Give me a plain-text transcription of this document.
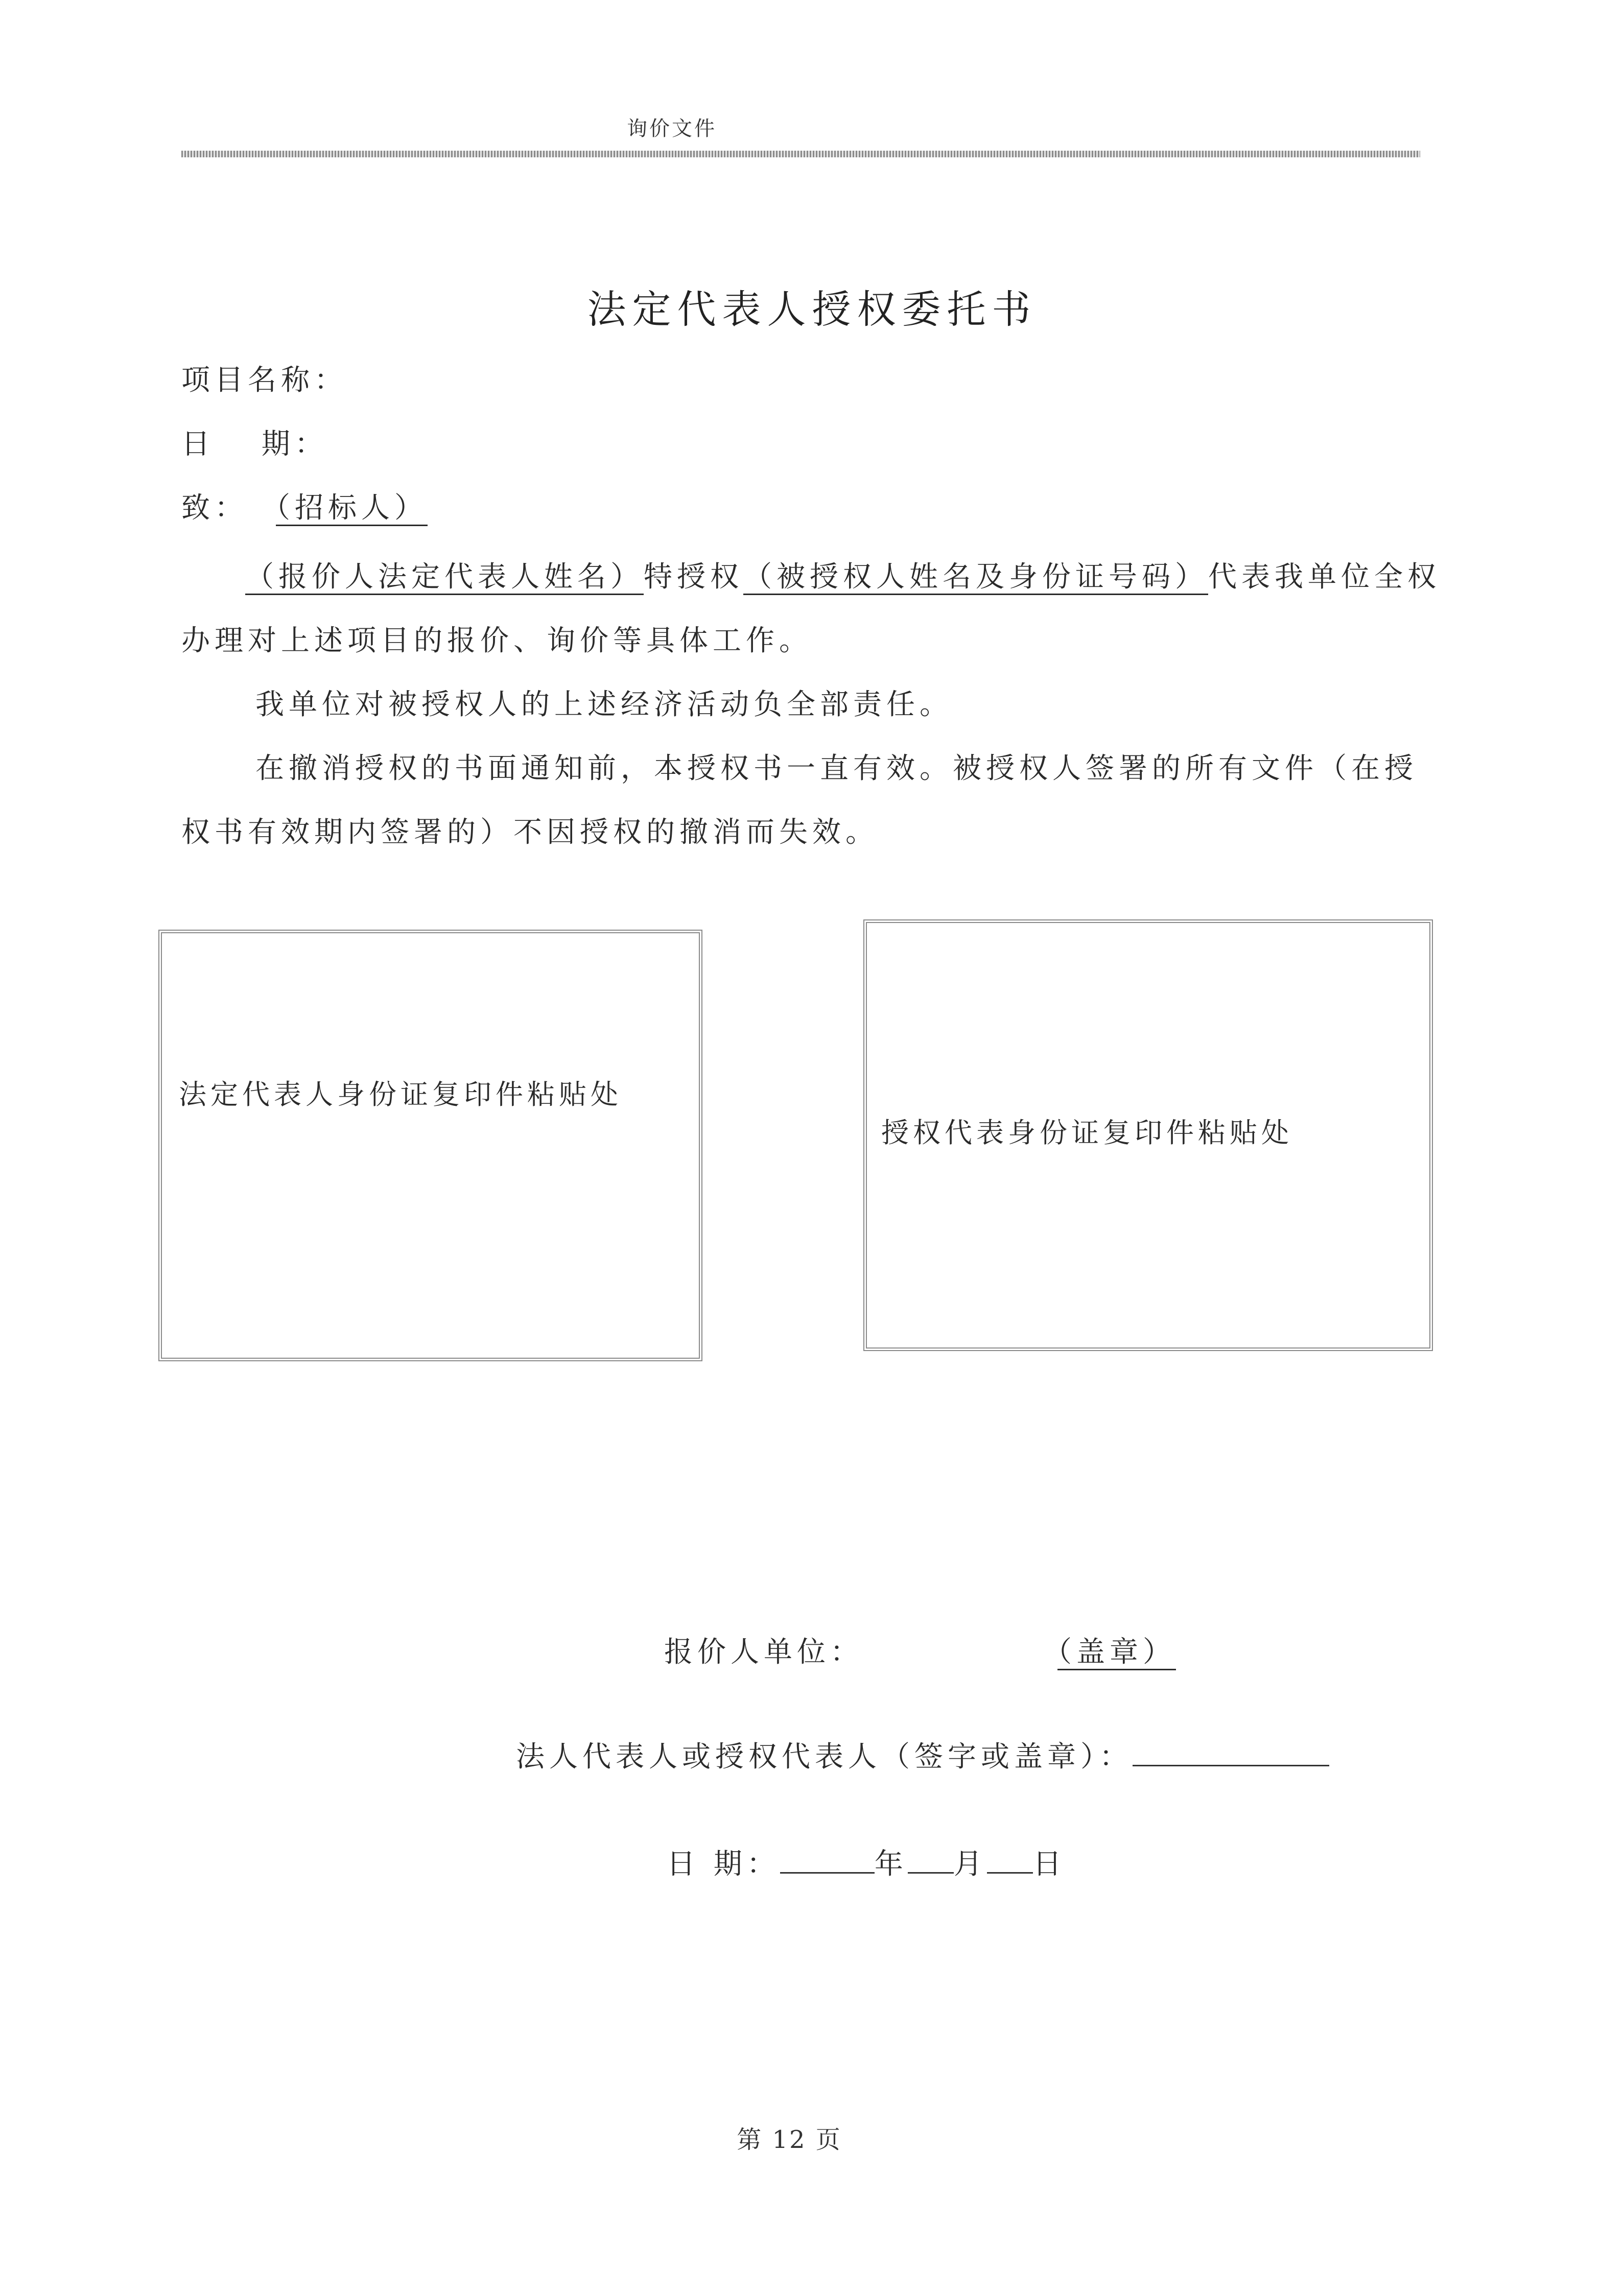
询价文件
法定代表人授权委托书
项目名称：
日　 期：
致： （招标人）
（报价人法定代表人姓名）特授权（被授权人姓名及身份证号码）代表我单位全权
办理对上述项目的报价、询价等具体工作。
我单位对被授权人的上述经济活动负全部责任。
在撤消授权的书面通知前，本授权书一直有效。被授权人签署的所有文件（在授
权书有效期内签署的）不因授权的撤消而失效。
法定代表人身份证复印件粘贴处
授权代表身份证复印件粘贴处
报价人单位：	（盖章）
法人代表人或授权代表人（签字或盖章）：
日 期：	年 月 日
第 12 页
